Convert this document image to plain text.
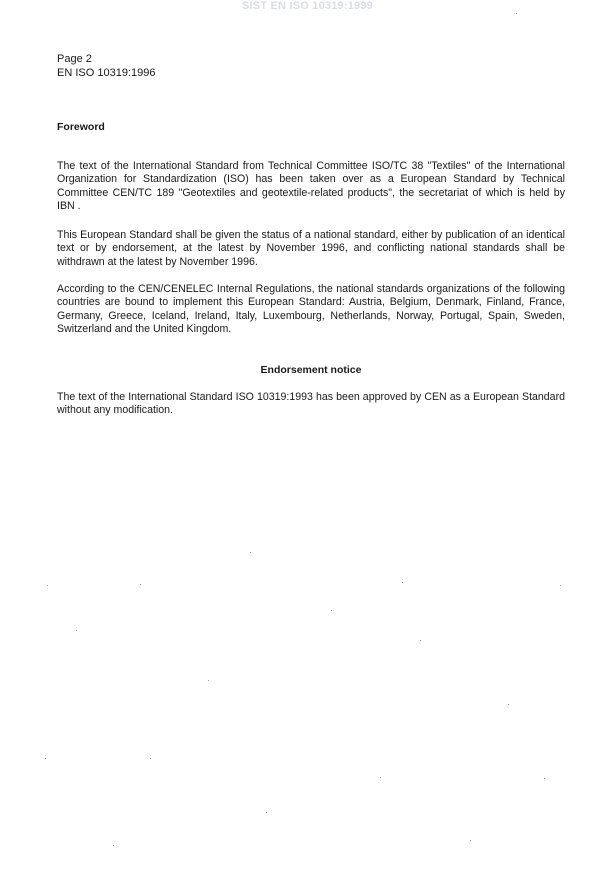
SIST EN ISO 10319:1999
Page 2
EN ISO 10319:1996
Foreword

The text of the International Standard from Technical Committee ISO/TC 38 "Textiles" of the International Organization for Standardization (ISO) has been taken over as a European Standard by Technical Committee CEN/TC 189 "Geotextiles and geotextile-related products", the secretariat of which is held by IBN .

This European Standard shall be given the status of a national standard, either by publication of an identical text or by endorsement, at the latest by November 1996, and conflicting national standards shall be withdrawn at the latest by November 1996.

According to the CEN/CENELEC Internal Regulations, the national standards organizations of the following countries are bound to implement this European Standard: Austria, Belgium, Denmark, Finland, France, Germany, Greece, Iceland, Ireland, Italy, Luxembourg, Netherlands, Norway, Portugal, Spain, Sweden, Switzerland and the United Kingdom.

Endorsement notice

The text of the International Standard ISO 10319:1993 has been approved by CEN as a European Standard without any modification.
